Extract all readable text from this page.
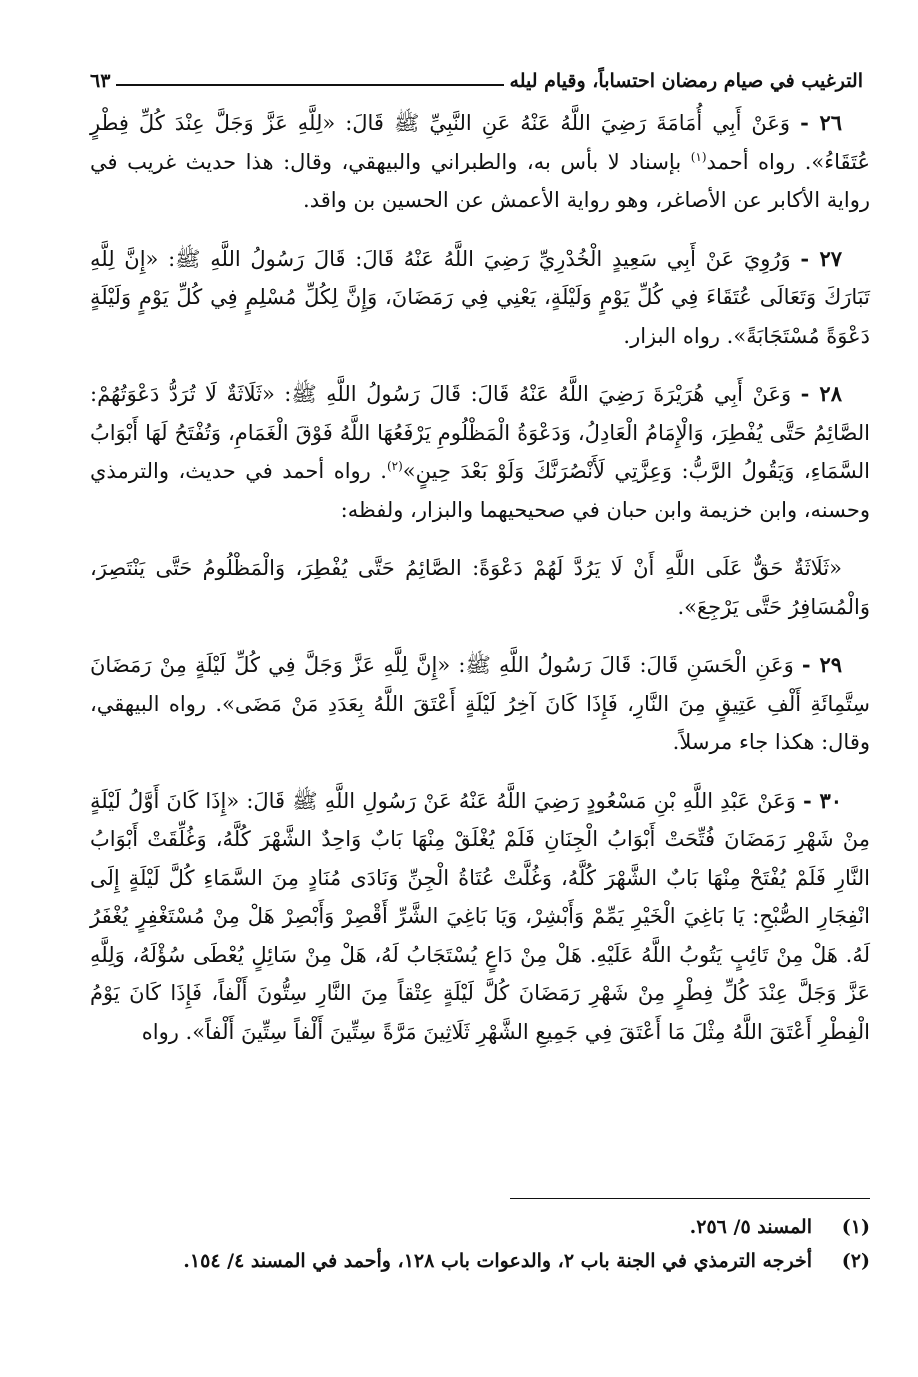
الترغيب في صيام رمضان احتساباً، وقيام ليله
٦٣

٢٦ - وَعَنْ أَبِي أُمَامَةَ رَضِيَ اللَّهُ عَنْهُ عَنِ النَّبِيِّ ﷺ قَالَ: «لِلَّهِ عَزَّ وَجَلَّ عِنْدَ كُلِّ فِطْرٍ عُتَقَاءُ». رواه أحمد$^{(١)}$ بإسناد لا بأس به، والطبراني والبيهقي، وقال: هذا حديث غريب في رواية الأكابر عن الأصاغر، وهو رواية الأعمش عن الحسين بن واقد.

٢٧ - وَرُوِيَ عَنْ أَبِي سَعِيدٍ الْخُدْرِيِّ رَضِيَ اللَّهُ عَنْهُ قَالَ: قَالَ رَسُولُ اللَّهِ ﷺ: «إِنَّ لِلَّهِ تَبَارَكَ وَتَعَالَى عُتَقَاءَ فِي كُلِّ يَوْمٍ وَلَيْلَةٍ، يَعْنِي فِي رَمَضَانَ، وَإِنَّ لِكُلِّ مُسْلِمٍ فِي كُلِّ يَوْمٍ وَلَيْلَةٍ دَعْوَةً مُسْتَجَابَةً». رواه البزار.

٢٨ - وَعَنْ أَبِي هُرَيْرَةَ رَضِيَ اللَّهُ عَنْهُ قَالَ: قَالَ رَسُولُ اللَّهِ ﷺ: «ثَلَاثَةٌ لَا تُرَدُّ دَعْوَتُهُمْ: الصَّائِمُ حَتَّى يُفْطِرَ، وَالْإِمَامُ الْعَادِلُ، وَدَعْوَةُ الْمَظْلُومِ يَرْفَعُهَا اللَّهُ فَوْقَ الْغَمَامِ، وَتُفْتَحُ لَهَا أَبْوَابُ السَّمَاءِ، وَيَقُولُ الرَّبُّ: وَعِزَّتِي لَأَنْصُرَنَّكَ وَلَوْ بَعْدَ حِينٍ»$^{(٢)}$. رواه أحمد في حديث، والترمذي وحسنه، وابن خزيمة وابن حبان في صحيحيهما والبزار، ولفظه:

«ثَلَاثَةٌ حَقٌّ عَلَى اللَّهِ أَنْ لَا يَرُدَّ لَهُمْ دَعْوَةً: الصَّائِمُ حَتَّى يُفْطِرَ، وَالْمَظْلُومُ حَتَّى يَنْتَصِرَ، وَالْمُسَافِرُ حَتَّى يَرْجِعَ».

٢٩ - وَعَنِ الْحَسَنِ قَالَ: قَالَ رَسُولُ اللَّهِ ﷺ: «إِنَّ لِلَّهِ عَزَّ وَجَلَّ فِي كُلِّ لَيْلَةٍ مِنْ رَمَضَانَ سِتَّمِائَةِ أَلْفِ عَتِيقٍ مِنَ النَّارِ، فَإِذَا كَانَ آخِرُ لَيْلَةٍ أَعْتَقَ اللَّهُ بِعَدَدِ مَنْ مَضَى». رواه البيهقي، وقال: هكذا جاء مرسلاً.

٣٠ - وَعَنْ عَبْدِ اللَّهِ بْنِ مَسْعُودٍ رَضِيَ اللَّهُ عَنْهُ عَنْ رَسُولِ اللَّهِ ﷺ قَالَ: «إِذَا كَانَ أَوَّلُ لَيْلَةٍ مِنْ شَهْرِ رَمَضَانَ فُتِّحَتْ أَبْوَابُ الْجِنَانِ فَلَمْ يُغْلَقْ مِنْهَا بَابٌ وَاحِدٌ الشَّهْرَ كُلَّهُ، وَغُلِّقَتْ أَبْوَابُ النَّارِ فَلَمْ يُفْتَحْ مِنْهَا بَابٌ الشَّهْرَ كُلَّهُ، وَغُلَّتْ عُتَاةُ الْجِنِّ وَنَادَى مُنَادٍ مِنَ السَّمَاءِ كُلَّ لَيْلَةٍ إِلَى انْفِجَارِ الصُّبْحِ: يَا بَاغِيَ الْخَيْرِ يَمِّمْ وَأَبْشِرْ، وَيَا بَاغِيَ الشَّرِّ أَقْصِرْ وَأَبْصِرْ هَلْ مِنْ مُسْتَغْفِرٍ يُغْفَرُ لَهُ. هَلْ مِنْ تَائِبٍ يَتُوبُ اللَّهُ عَلَيْهِ. هَلْ مِنْ دَاعٍ يُسْتَجَابُ لَهُ، هَلْ مِنْ سَائِلٍ يُعْطَى سُؤْلَهُ، وَلِلَّهِ عَزَّ وَجَلَّ عِنْدَ كُلِّ فِطْرٍ مِنْ شَهْرِ رَمَضَانَ كُلَّ لَيْلَةٍ عِتْقاً مِنَ النَّارِ سِتُّونَ أَلْفاً، فَإِذَا كَانَ يَوْمُ الْفِطْرِ أَعْتَقَ اللَّهُ مِثْلَ مَا أَعْتَقَ فِي جَمِيعِ الشَّهْرِ ثَلَاثِينَ مَرَّةً سِتِّينَ أَلْفاً سِتِّينَ أَلْفاً». رواه

(١)
المسند ٥/ ٢٥٦.
(٢)
أخرجه الترمذي في الجنة باب ٢، والدعوات باب ١٢٨، وأحمد في المسند ٤/ ١٥٤.
